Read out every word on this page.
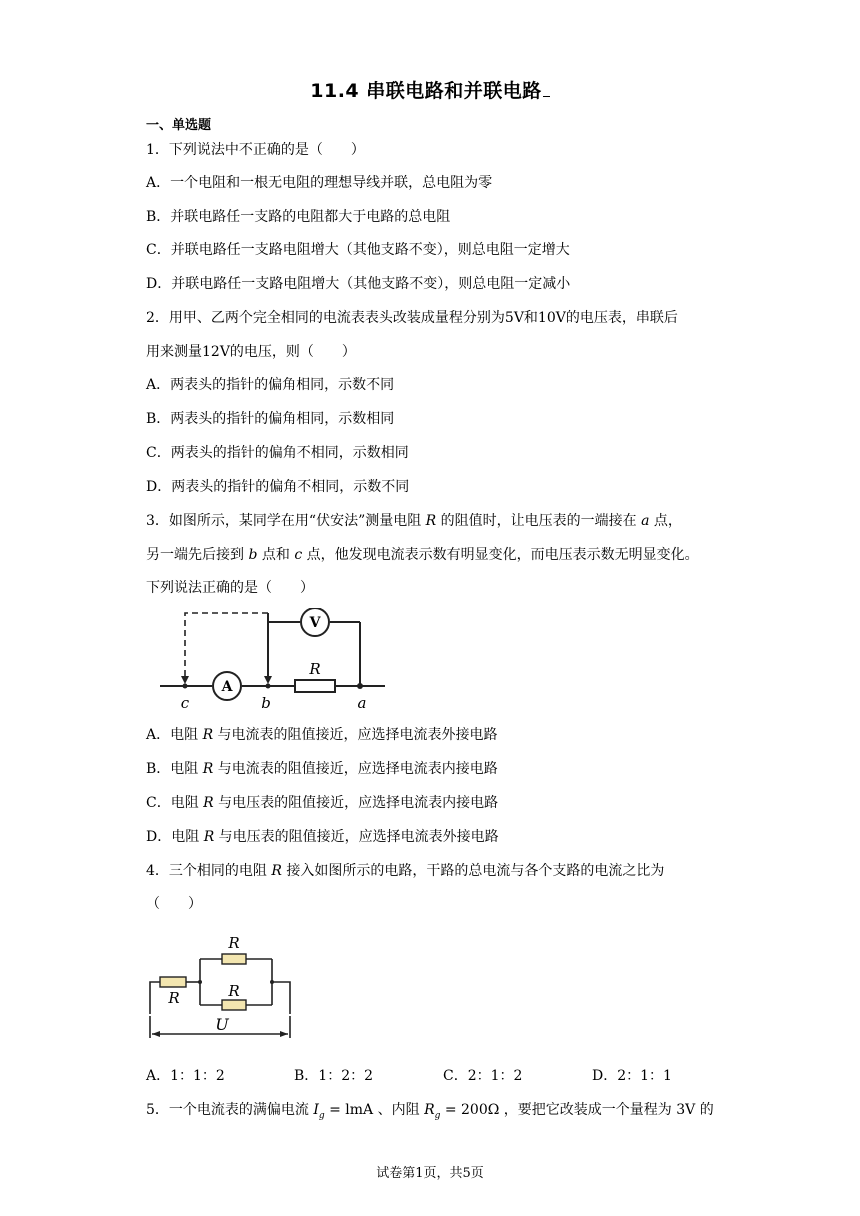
11.4 串联电路和并联电路
一、单选题
1．下列说法中不正确的是（　　）
A．一个电阻和一根无电阻的理想导线并联，总电阻为零
B．并联电路任一支路的电阻都大于电路的总电阻
C．并联电路任一支路电阻增大（其他支路不变），则总电阻一定增大
D．并联电路任一支路电阻增大（其他支路不变），则总电阻一定减小
2．用甲、乙两个完全相同的电流表表头改装成量程分别为5V和10V的电压表，串联后
用来测量12V的电压，则（　　）
A．两表头的指针的偏角相同，示数不同
B．两表头的指针的偏角相同，示数相同
C．两表头的指针的偏角不相同，示数相同
D．两表头的指针的偏角不相同，示数不同
3．如图所示，某同学在用“伏安法”测量电阻 R 的阻值时，让电压表的一端接在 a 点，
另一端先后接到 b 点和 c 点，他发现电流表示数有明显变化，而电压表示数无明显变化。
下列说法正确的是（　　）
V
A
R
c	b	a
A．电阻 R 与电流表的阻值接近，应选择电流表外接电路
B．电阻 R 与电流表的阻值接近，应选择电流表内接电路
C．电阻 R 与电压表的阻值接近，应选择电流表内接电路
D．电阻 R 与电压表的阻值接近，应选择电流表外接电路
4．三个相同的电阻 R 接入如图所示的电路，干路的总电流与各个支路的电流之比为
（　　）
R
R	R
U
A．1：1：2	B．1：2：2	C．2：1：2	D．2：1：1
5．一个电流表的满偏电流 $I_g$ = lmA 、内阻 $R_g = 200\Omega$ ，要把它改装成一个量程为 3V 的
试卷第1页，共5页
